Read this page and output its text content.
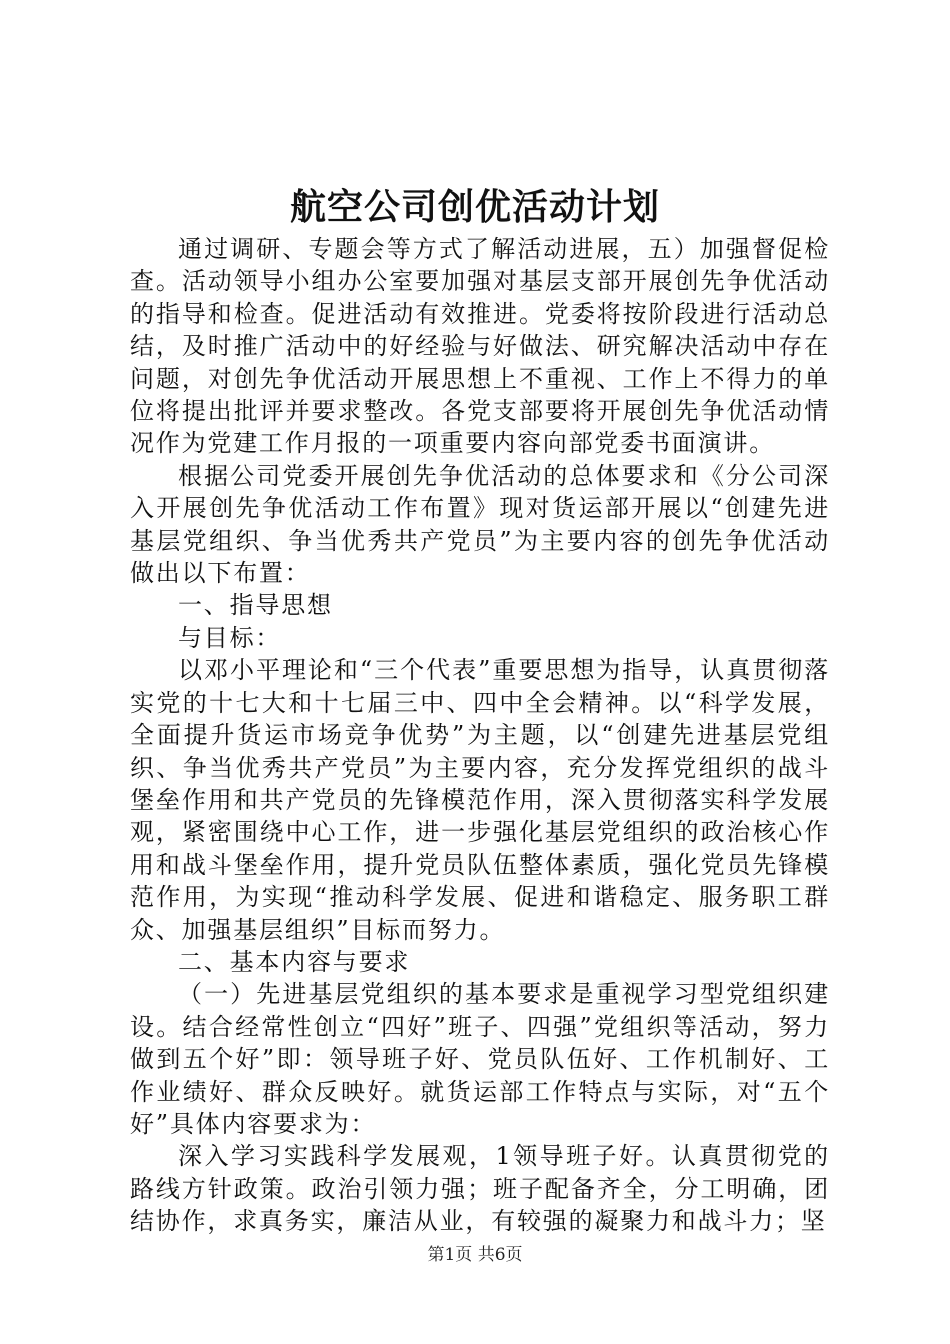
航空公司创优活动计划

通过调研、专题会等方式了解活动进展，五）加强督促检查。活动领导小组办公室要加强对基层支部开展创先争优活动的指导和检查。促进活动有效推进。党委将按阶段进行活动总结，及时推广活动中的好经验与好做法、研究解决活动中存在问题，对创先争优活动开展思想上不重视、工作上不得力的单位将提出批评并要求整改。各党支部要将开展创先争优活动情况作为党建工作月报的一项重要内容向部党委书面演讲。

根据公司党委开展创先争优活动的总体要求和《分公司深入开展创先争优活动工作布置》现对货运部开展以“创建先进基层党组织、争当优秀共产党员”为主要内容的创先争优活动做出以下布置：

一、指导思想

与目标：

以邓小平理论和“三个代表”重要思想为指导，认真贯彻落实党的十七大和十七届三中、四中全会精神。以“科学发展，全面提升货运市场竞争优势”为主题，以“创建先进基层党组织、争当优秀共产党员”为主要内容，充分发挥党组织的战斗堡垒作用和共产党员的先锋模范作用，深入贯彻落实科学发展观，紧密围绕中心工作，进一步强化基层党组织的政治核心作用和战斗堡垒作用，提升党员队伍整体素质，强化党员先锋模范作用，为实现“推动科学发展、促进和谐稳定、服务职工群众、加强基层组织”目标而努力。

二、基本内容与要求

（一）先进基层党组织的基本要求是重视学习型党组织建设。结合经常性创立“四好”班子、四强”党组织等活动，努力做到五个好”即：领导班子好、党员队伍好、工作机制好、工作业绩好、群众反映好。就货运部工作特点与实际，对“五个好”具体内容要求为：

深入学习实践科学发展观，1领导班子好。认真贯彻党的路线方针政策。政治引领力强；班子配备齐全，分工明确，团结协作，求真务实，廉洁从业，有较强的凝聚力和战斗力；坚

第1页 共6页
